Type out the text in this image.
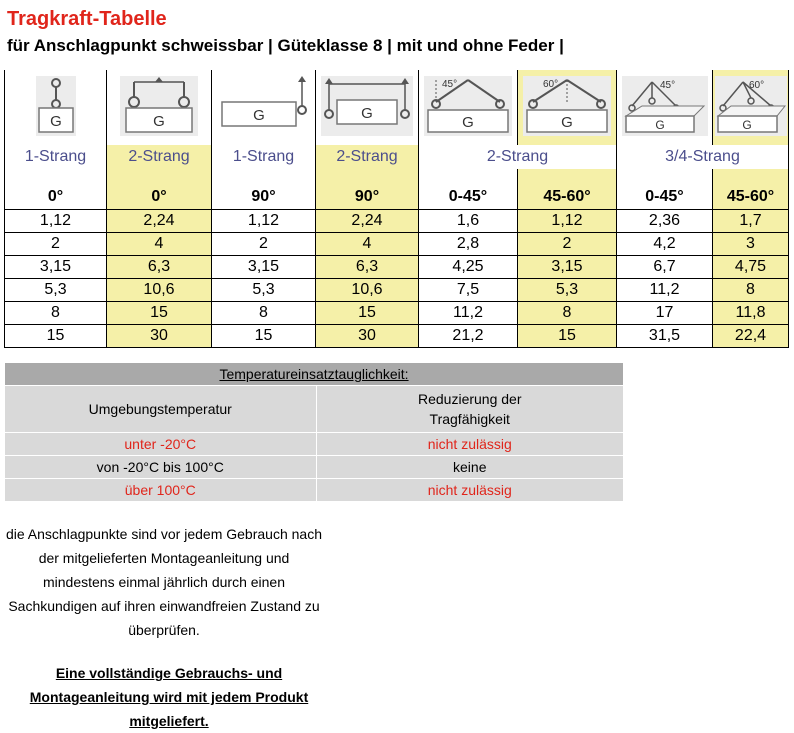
Tragkraft-Tabelle
für Anschlagpunkt schweissbar | Güteklasse 8 | mit und ohne Feder |
G	G	G	G	45°
G	60°
G	45°
G	60°
G

1-Strang	2-Strang	1-Strang	2-Strang	2-Strang		3/4-Strang	

0°	0°	90°	90°	0-45°	45-60°	0-45°	45-60°
1,12	2,24	1,12	2,24	1,6	1,12	2,36	1,7
2	4	2	4	2,8	2	4,2	3
3,15	6,3	3,15	6,3	4,25	3,15	6,7	4,75
5,3	10,6	5,3	10,6	7,5	5,3	11,2	8
8	15	8	15	11,2	8	17	11,8
15	30	15	30	21,2	15	31,5	22,4
Temperatureinsatztauglichkeit:	
Umgebungstemperatur	Reduzierung der Tragfähigkeit

unter -20°C	nicht zulässig
von -20°C bis 100°C	keine
über 100°C	nicht zulässig

die Anschlagpunkte sind vor jedem Gebrauch nach der mitgelieferten Montageanleitung und mindestens einmal jährlich durch einen Sachkundigen auf ihren einwandfreien Zustand zu überprüfen.

Eine vollständige Gebrauchs- und Montageanleitung wird mit jedem Produkt mitgeliefert.
